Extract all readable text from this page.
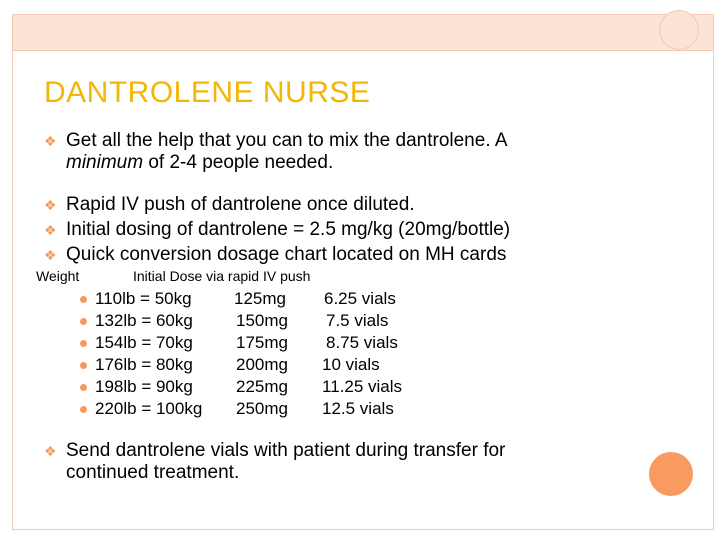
DANTROLENE NURSE
❖ Get all the help that you can to mix the dantrolene. A
minimum of 2-4 people needed.
❖ Rapid IV push of dantrolene once diluted.
❖ Initial dosing of dantrolene = 2.5 mg/kg (20mg/bottle)
❖ Quick conversion dosage chart located on MH cards
Weight	Initial Dose via rapid IV push
110lb = 50kg 125mg 6.25 vials
132lb = 60kg	150mg 7.5 vials
154lb = 70kg	175mg 8.75 vials
176lb = 80kg	200mg 10 vials
198lb = 90kg	225mg 11.25 vials
220lb = 100kg 250mg 12.5 vials
❖ Send dantrolene vials with patient during transfer for
continued treatment.
